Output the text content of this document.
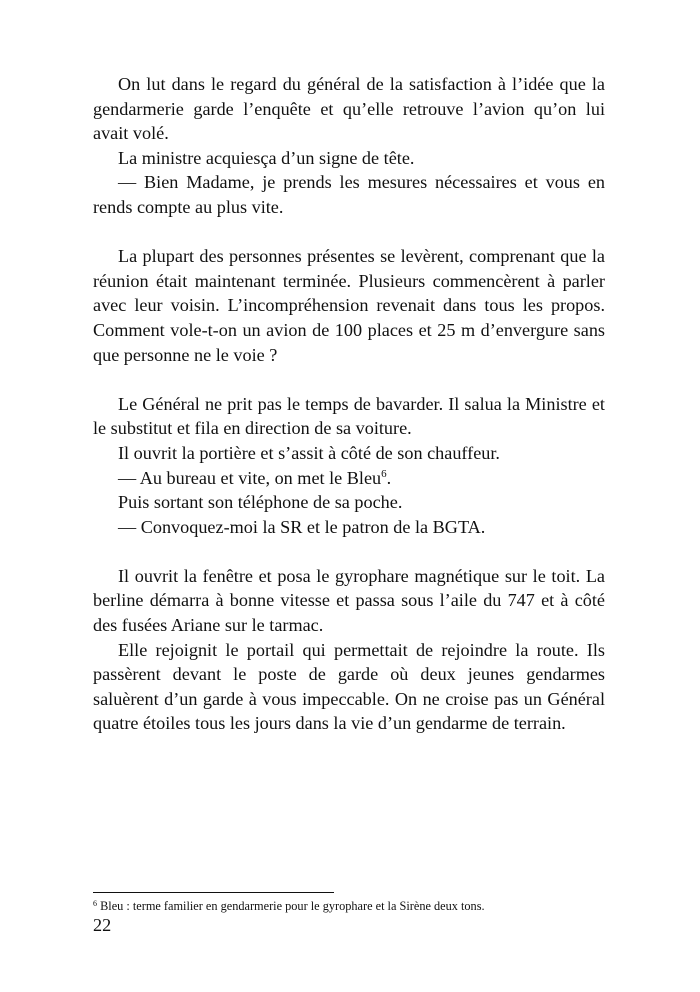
On lut dans le regard du général de la satisfaction à l’idée que la gendarmerie garde l’enquête et qu’elle retrouve l’avion qu’on lui avait volé.

La ministre acquiesça d’un signe de tête.

— Bien Madame, je prends les mesures nécessaires et vous en rends compte au plus vite.

La plupart des personnes présentes se levèrent, comprenant que la réunion était maintenant terminée. Plusieurs commencèrent à parler avec leur voisin. L’incompréhension revenait dans tous les propos. Comment vole-t-on un avion de 100 places et 25 m d’envergure sans que personne ne le voie ?

Le Général ne prit pas le temps de bavarder. Il salua la Ministre et le substitut et fila en direction de sa voiture.

Il ouvrit la portière et s’assit à côté de son chauffeur.

— Au bureau et vite, on met le Bleu$^6$.

Puis sortant son téléphone de sa poche.

— Convoquez-moi la SR et le patron de la BGTA.

Il ouvrit la fenêtre et posa le gyrophare magnétique sur le toit. La berline démarra à bonne vitesse et passa sous l’aile du 747 et à côté des fusées Ariane sur le tarmac.

Elle rejoignit le portail qui permettait de rejoindre la route. Ils passèrent devant le poste de garde où deux jeunes gendarmes saluèrent d’un garde à vous impeccable. On ne croise pas un Général quatre étoiles tous les jours dans la vie d’un gendarme de terrain.

$^6$ Bleu : terme familier en gendarmerie pour le gyrophare et la Sirène deux tons.

22
